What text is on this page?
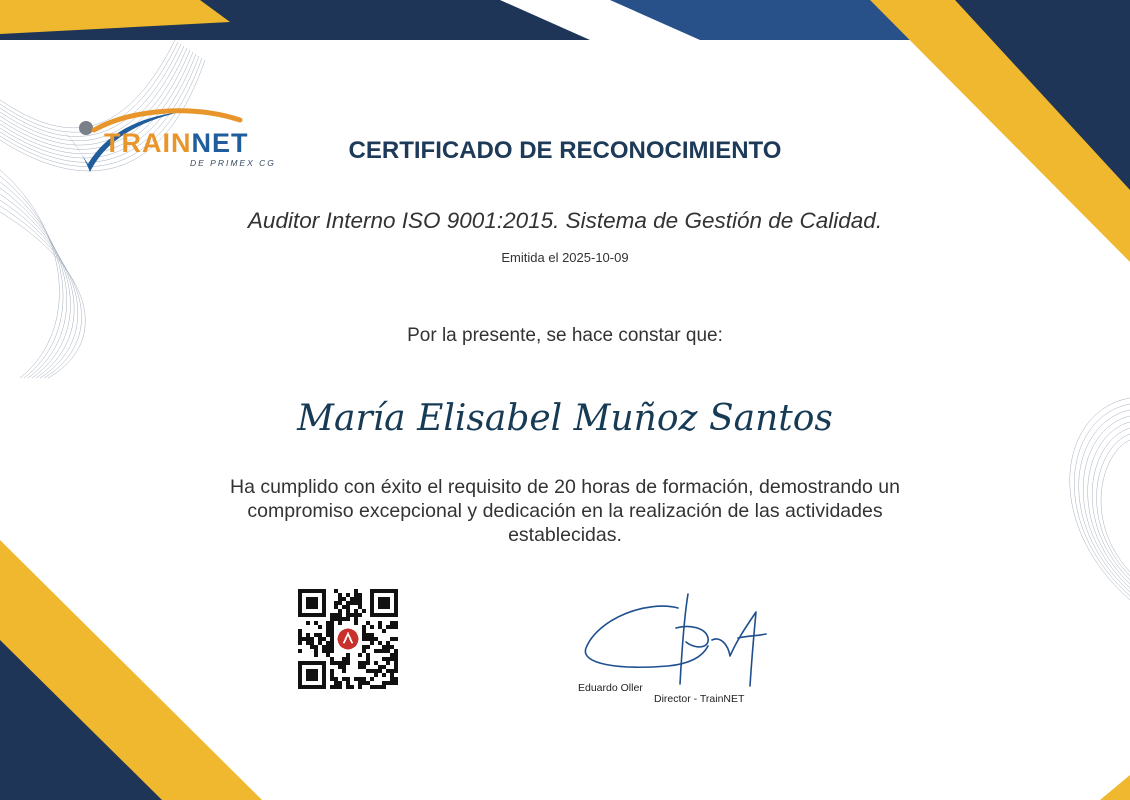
TRAINNET
DE PRIMEX CG	CERTIFICADO DE RECONOCIMIENTO
Auditor Interno ISO 9001:2015. Sistema de Gestión de Calidad.
Emitida el 2025-10-09
Por la presente, se hace constar que:
María Elisabel Muñoz Santos
Ha cumplido con éxito el requisito de 20 horas de formación, demostrando un compromiso excepcional y dedicación en la realización de las actividades establecidas.
Eduardo Oller
Director - TrainNET
